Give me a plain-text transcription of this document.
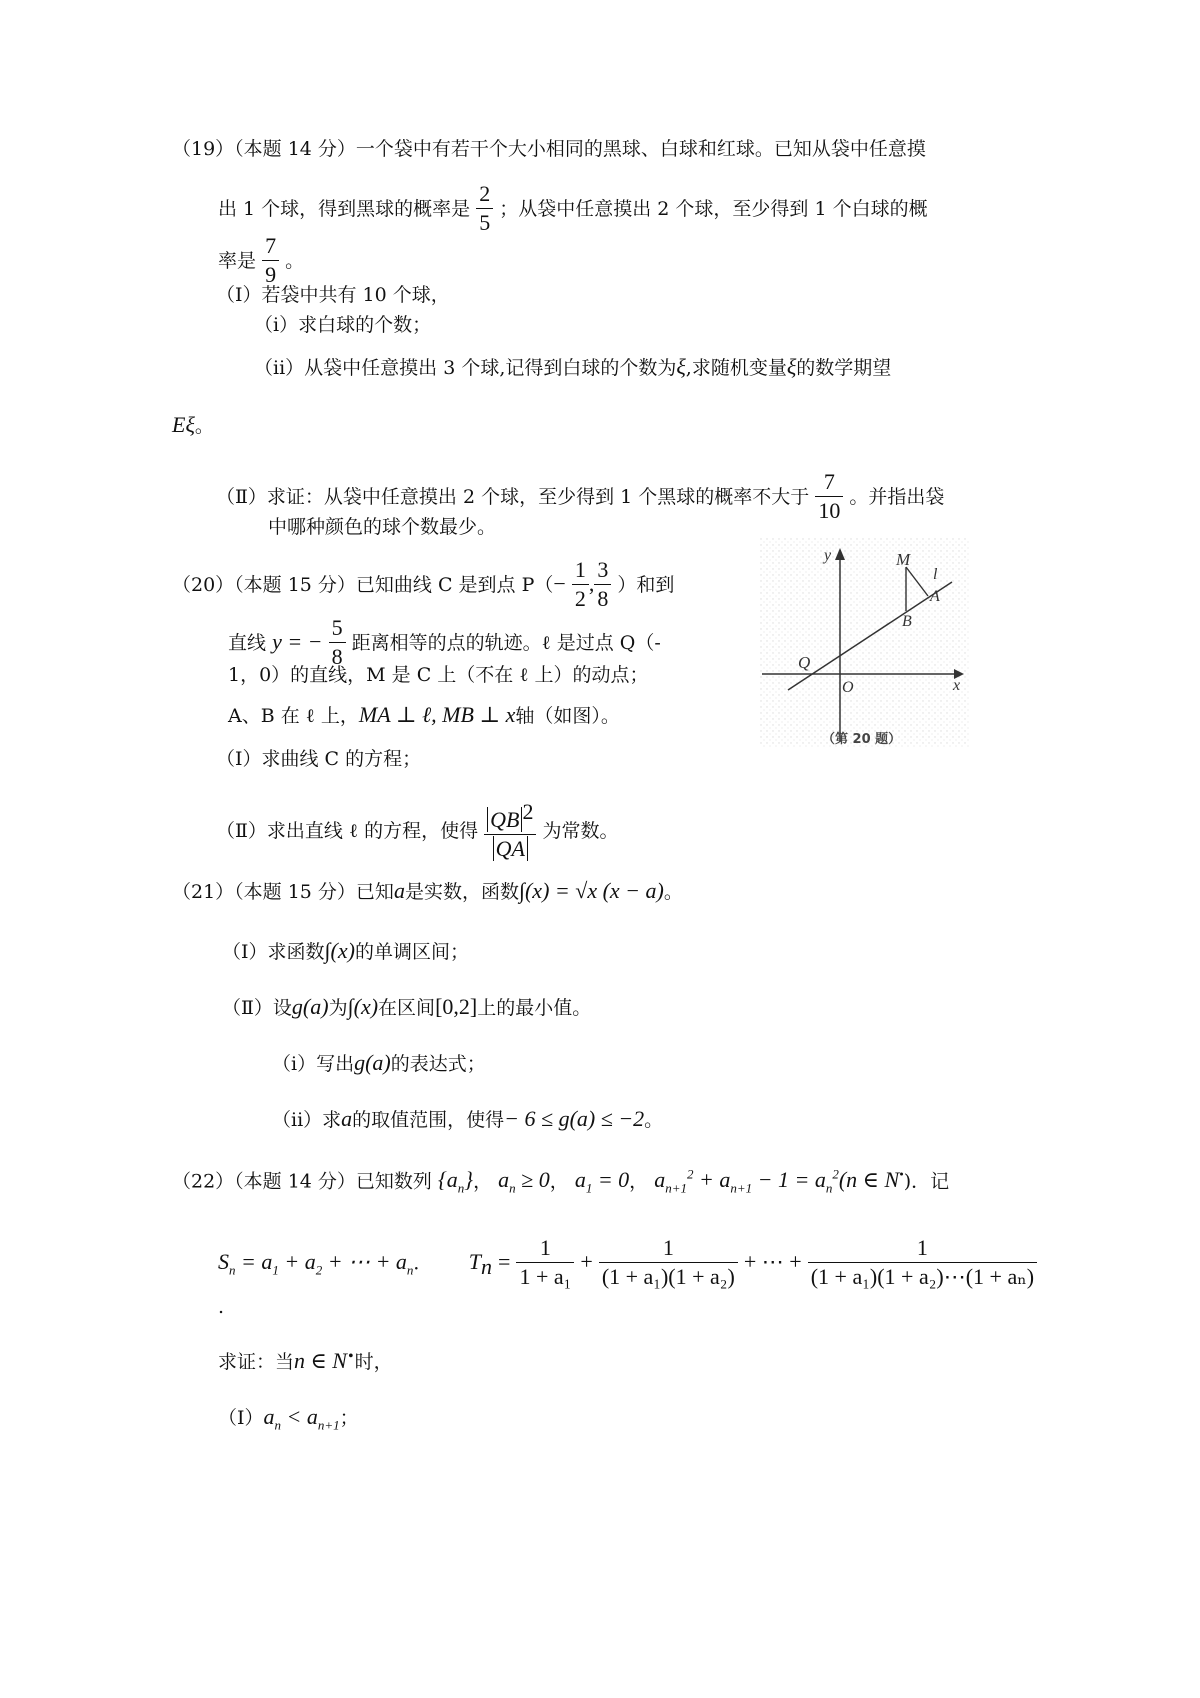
（19）（本题 14 分）一个袋中有若干个大小相同的黑球、白球和红球。已知从袋中任意摸
出 1 个球，得到黑球的概率是 $\frac{2}{5}$ ；从袋中任意摸出 2 个球，至少得到 1 个白球的概
率是 $\frac{7}{9}$ 。
（Ⅰ）若袋中共有 10 个球，
（i）求白球的个数；
（ii）从袋中任意摸出 3 个球,记得到白球的个数为ξ,求随机变量ξ的数学期望
Eξ。
（Ⅱ）求证：从袋中任意摸出 2 个球，至少得到 1 个黑球的概率不大于 $\frac{7}{10}$ 。并指出袋
中哪种颜色的球个数最少。
（20）（本题 15 分）已知曲线 C 是到点 $P(- \frac{1}{2}$ , $\frac{3}{8}$ ）和到
直线 y = − $\frac{5}{8}$ 距离相等的点的轨迹。ℓ 是过点 Q（-
1，0）的直线，M 是 C 上（不在 ℓ 上）的动点；
A、B 在 ℓ 上，MA ⊥ ℓ, MB ⊥ x轴（如图）。
（Ⅰ）求曲线 C 的方程；
（Ⅱ）求出直线 ℓ 的方程，使得 $\frac{QB ^2}{QA}$ 为常数。
y
x
M
l
A
B
Q
O
（第 20 题）
（21）（本题 15 分）已知a是实数，函数∫(x) = √x (x − a)。
（Ⅰ）求函数∫(x)的单调区间；
（Ⅱ）设g(a)为∫(x)在区间[0,2]上的最小值。
（i）写出g(a)的表达式；
（ii）求a的取值范围，使得− 6 ≤ g(a) ≤ −2。
（22）（本题 14 分）已知数列 $\{a_n\}$， $a_n \ge 0$， $a_1 = 0$， $a_{n+1}^2 + a_{n+1} - 1 = a_n^2(n$ ∈ N•)．记
$S_n = a_1 + a_2$ + ⋯ + $a_n$． $T_n = \frac{1}{\text{1 + a₁}} + \frac{1}{\text{(1 + a₁)(1 + a₂)}}$ + ⋯ + $\frac{1}{\text{(1 + a₁)(1 + a₂)⋯(1 + aₙ)}}$
.
求证：当n ∈ N•时，
$(Ⅰ)a_n < a_{n+1}$；
